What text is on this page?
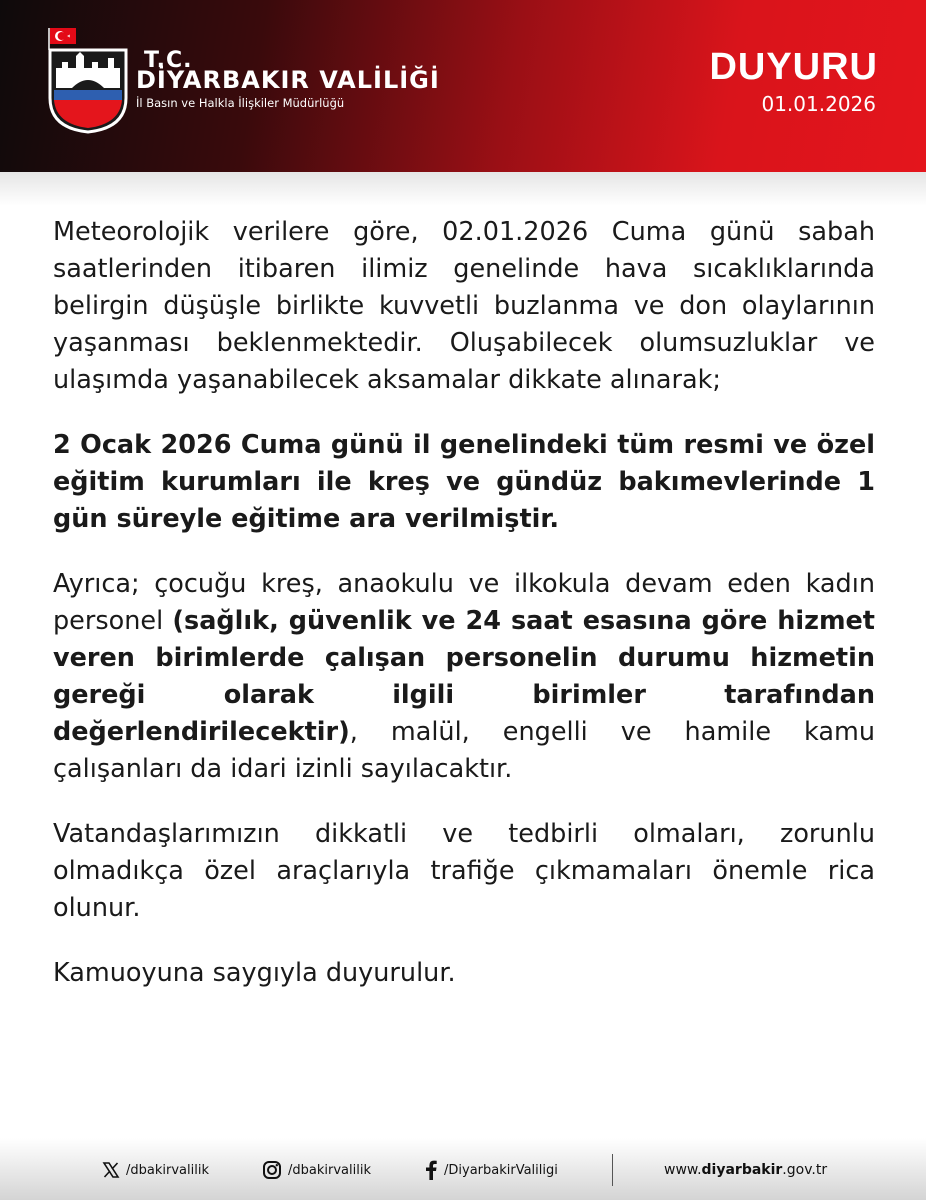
T.C.
DİYARBAKIR VALİLİĞİ
İl Basın ve Halkla İlişkiler Müdürlüğü
DUYURU
01.01.2026

Meteorolojik verilere göre, 02.01.2026 Cuma günü sabah saatlerinden itibaren ilimiz genelinde hava sıcaklıklarında belirgin düşüşle birlikte kuvvetli buzlanma ve don olaylarının yaşanması beklenmektedir. Oluşabilecek olumsuzluklar ve ulaşımda yaşanabilecek aksamalar dikkate alınarak;

2 Ocak 2026 Cuma günü il genelindeki tüm resmi ve özel eğitim kurumları ile kreş ve gündüz bakımevlerinde 1 gün süreyle eğitime ara verilmiştir.

Ayrıca; çocuğu kreş, anaokulu ve ilkokula devam eden kadın personel (sağlık, güvenlik ve 24 saat esasına göre hizmet veren birimlerde çalışan personelin durumu hizmetin gereği olarak ilgili birimler tarafından değerlendirilecektir), malül, engelli ve hamile kamu çalışanları da idari izinli sayılacaktır.

Vatandaşlarımızın dikkatli ve tedbirli olmaları, zorunlu olmadıkça özel araçlarıyla trafiğe çıkmamaları önemle rica olunur.

Kamuoyuna saygıyla duyurulur.

/dbakirvalilik	/dbakirvalilik	/DiyarbakirValiligi	www. diyarbakir .gov.tr
